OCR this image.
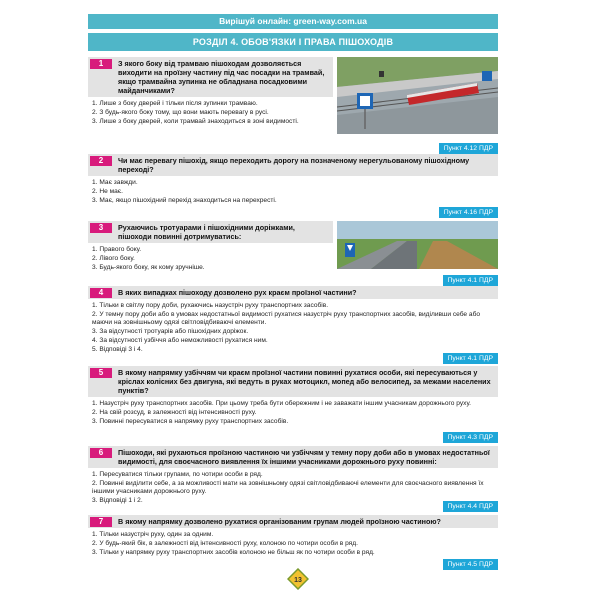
Вирішуй онлайн: green-way.com.ua
РОЗДІЛ 4. ОБОВ'ЯЗКИ І ПРАВА ПІШОХОДІВ
1	З якого боку від трамваю пішоходам дозволяється виходити на проїзну частину під час посадки на трамвай, якщо трамвайна зупинка не обладнана посадковими майданчиками?
1. Лише з боку дверей і тільки після зупинки трамваю.
2. З будь-якого боку тому, що вони мають перевагу в русі.
3. Лише з боку дверей, коли трамвай знаходиться в зоні видимості.
Пункт 4.12 ПДР
2	Чи має перевагу пішохід, якщо переходить дорогу на позначеному нерегульованому пішохідному переході?
1. Має завжди.
2. Не має.
3. Має, якщо пішохідний перехід знаходиться на перехресті.
Пункт 4.16 ПДР
3	Рухаючись тротуарами і пішохідними доріжками, пішоходи повинні дотримуватись:
1. Правого боку.
2. Лівого боку.
3. Будь-якого боку, як кому зручніше.
Пункт 4.1 ПДР
4	В яких випадках пішоходу дозволено рух краєм проїзної частини?
1. Тільки в світлу пору доби, рухаючись назустріч руху транспортних засобів.
2. У темну пору доби або в умовах недостатньої видимості рухатися назустріч руху транспортних засобів, виділивши себе або маючи на зовнішньому одязі світловідбиваючі елементи.
3. За відсутності тротуарів або пішохідних доріжок.
4. За відсутності узбіччя або неможливості рухатися ним.
5. Відповіді 3 і 4.
Пункт 4.1 ПДР
5	В якому напрямку узбіччям чи краєм проїзної частини повинні рухатися особи, які пересуваються у кріслах колісних без двигуна, які ведуть в руках мотоцикл, мопед або велосипед, за межами населених пунктів?
1. Назустріч руху транспортних засобів. При цьому треба бути обережним і не заважати іншим учасникам дорожнього руху.
2. На свій розсуд, в залежності від інтенсивності руху.
3. Повинні пересуватися в напрямку руху транспортних засобів.
Пункт 4.3 ПДР
6	Пішоходи, які рухаються проїзною частиною чи узбіччям у темну пору доби або в умовах недостатньої видимості, для своєчасного виявлення їх іншими учасниками дорожнього руху повинні:
1. Пересуватися тільки групами, по чотири особи в ряд.
2. Повинні виділити себе, а за можливості мати на зовнішньому одязі світловідбиваючі елементи для своєчасного виявлення їх іншими учасниками дорожнього руху.
3. Відповіді 1 і 2.
Пункт 4.4 ПДР
7	В якому напрямку дозволено рухатися організованим групам людей проїзною частиною?
1. Тільки назустріч руху, один за одним.
2. У будь-який бік, в залежності від інтенсивності руху, колоною по чотири особи в ряд.
3. Тільки у напрямку руху транспортних засобів колоною не більш як по чотири особи в ряд.
Пункт 4.5 ПДР
13
